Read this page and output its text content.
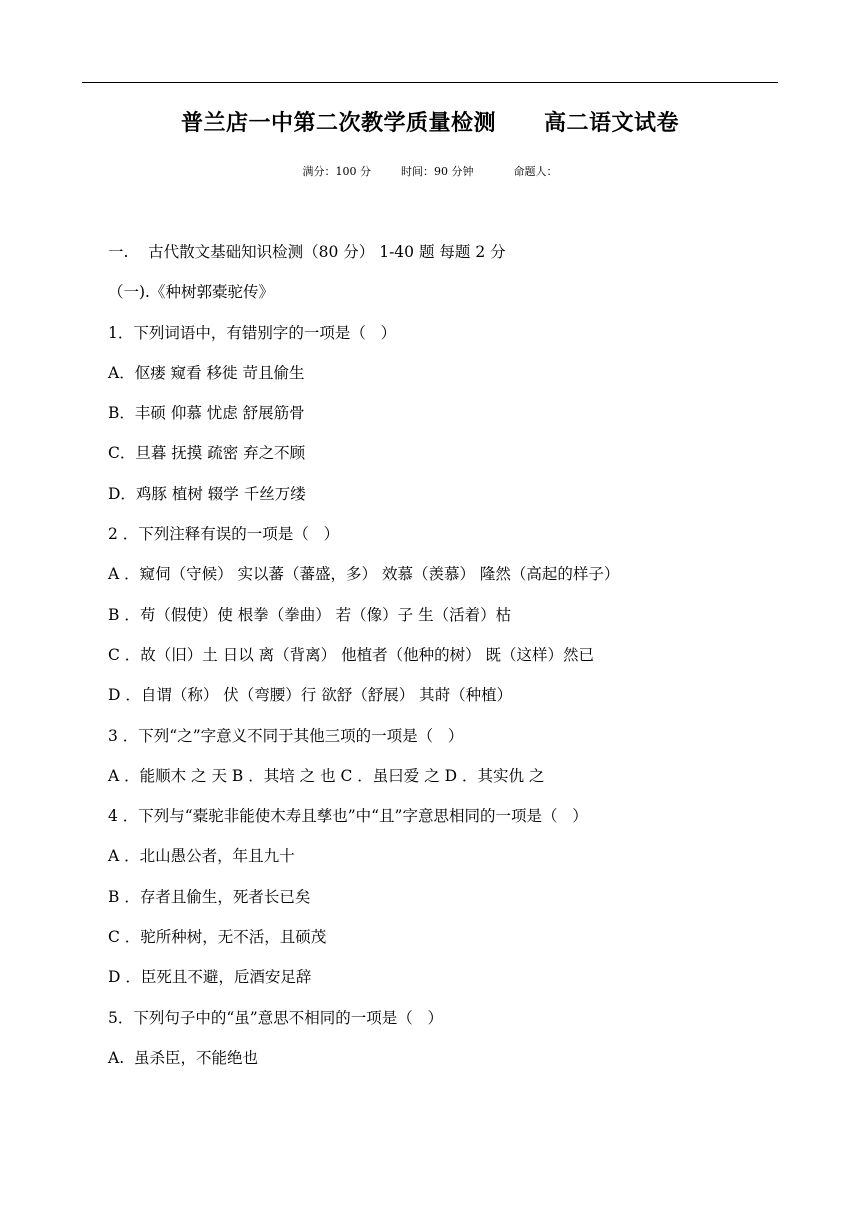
普兰店一中第二次教学质量检测 高二语文试卷
满分：100 分	时间：90 分钟	命题人：
一.    古代散文基础知识检测（80 分） 1-40 题 每题 2 分
（一).《种树郭橐驼传》
1．下列词语中，有错别字的一项是（   ）
A．伛瘘 窥看 移徙 苛且偷生
B．丰硕 仰慕 忧虑 舒展筋骨
C．旦暮 抚摸 疏密 弃之不顾
D．鸡豚 植树 辍学 千丝万缕
2 ．下列注释有误的一项是（   ）
A ．窥伺（守候） 实以蕃（蕃盛，多） 效慕（羡慕） 隆然（高起的样子）
B ．苟（假使）使 根拳（拳曲） 若（像）子 生（活着）枯
C ．故（旧）土 日以 离（背离） 他植者（他种的树） 既（这样）然已
D ．自谓（称） 伏（弯腰）行 欲舒（舒展） 其莳（种植）
3 ．下列“之”字意义不同于其他三项的一项是（   ）
A ．能顺木 之 天 B ．其培 之 也 C ．虽曰爱 之 D ．其实仇 之
4 ．下列与“橐驼非能使木寿且孳也”中“且”字意思相同的一项是（   ）
A ．北山愚公者，年且九十
B ．存者且偷生，死者长已矣
C ．驼所种树，无不活，且硕茂
D ．臣死且不避，卮酒安足辞
5．下列句子中的“虽”意思不相同的一项是（   ）
A.  虽杀臣，不能绝也
